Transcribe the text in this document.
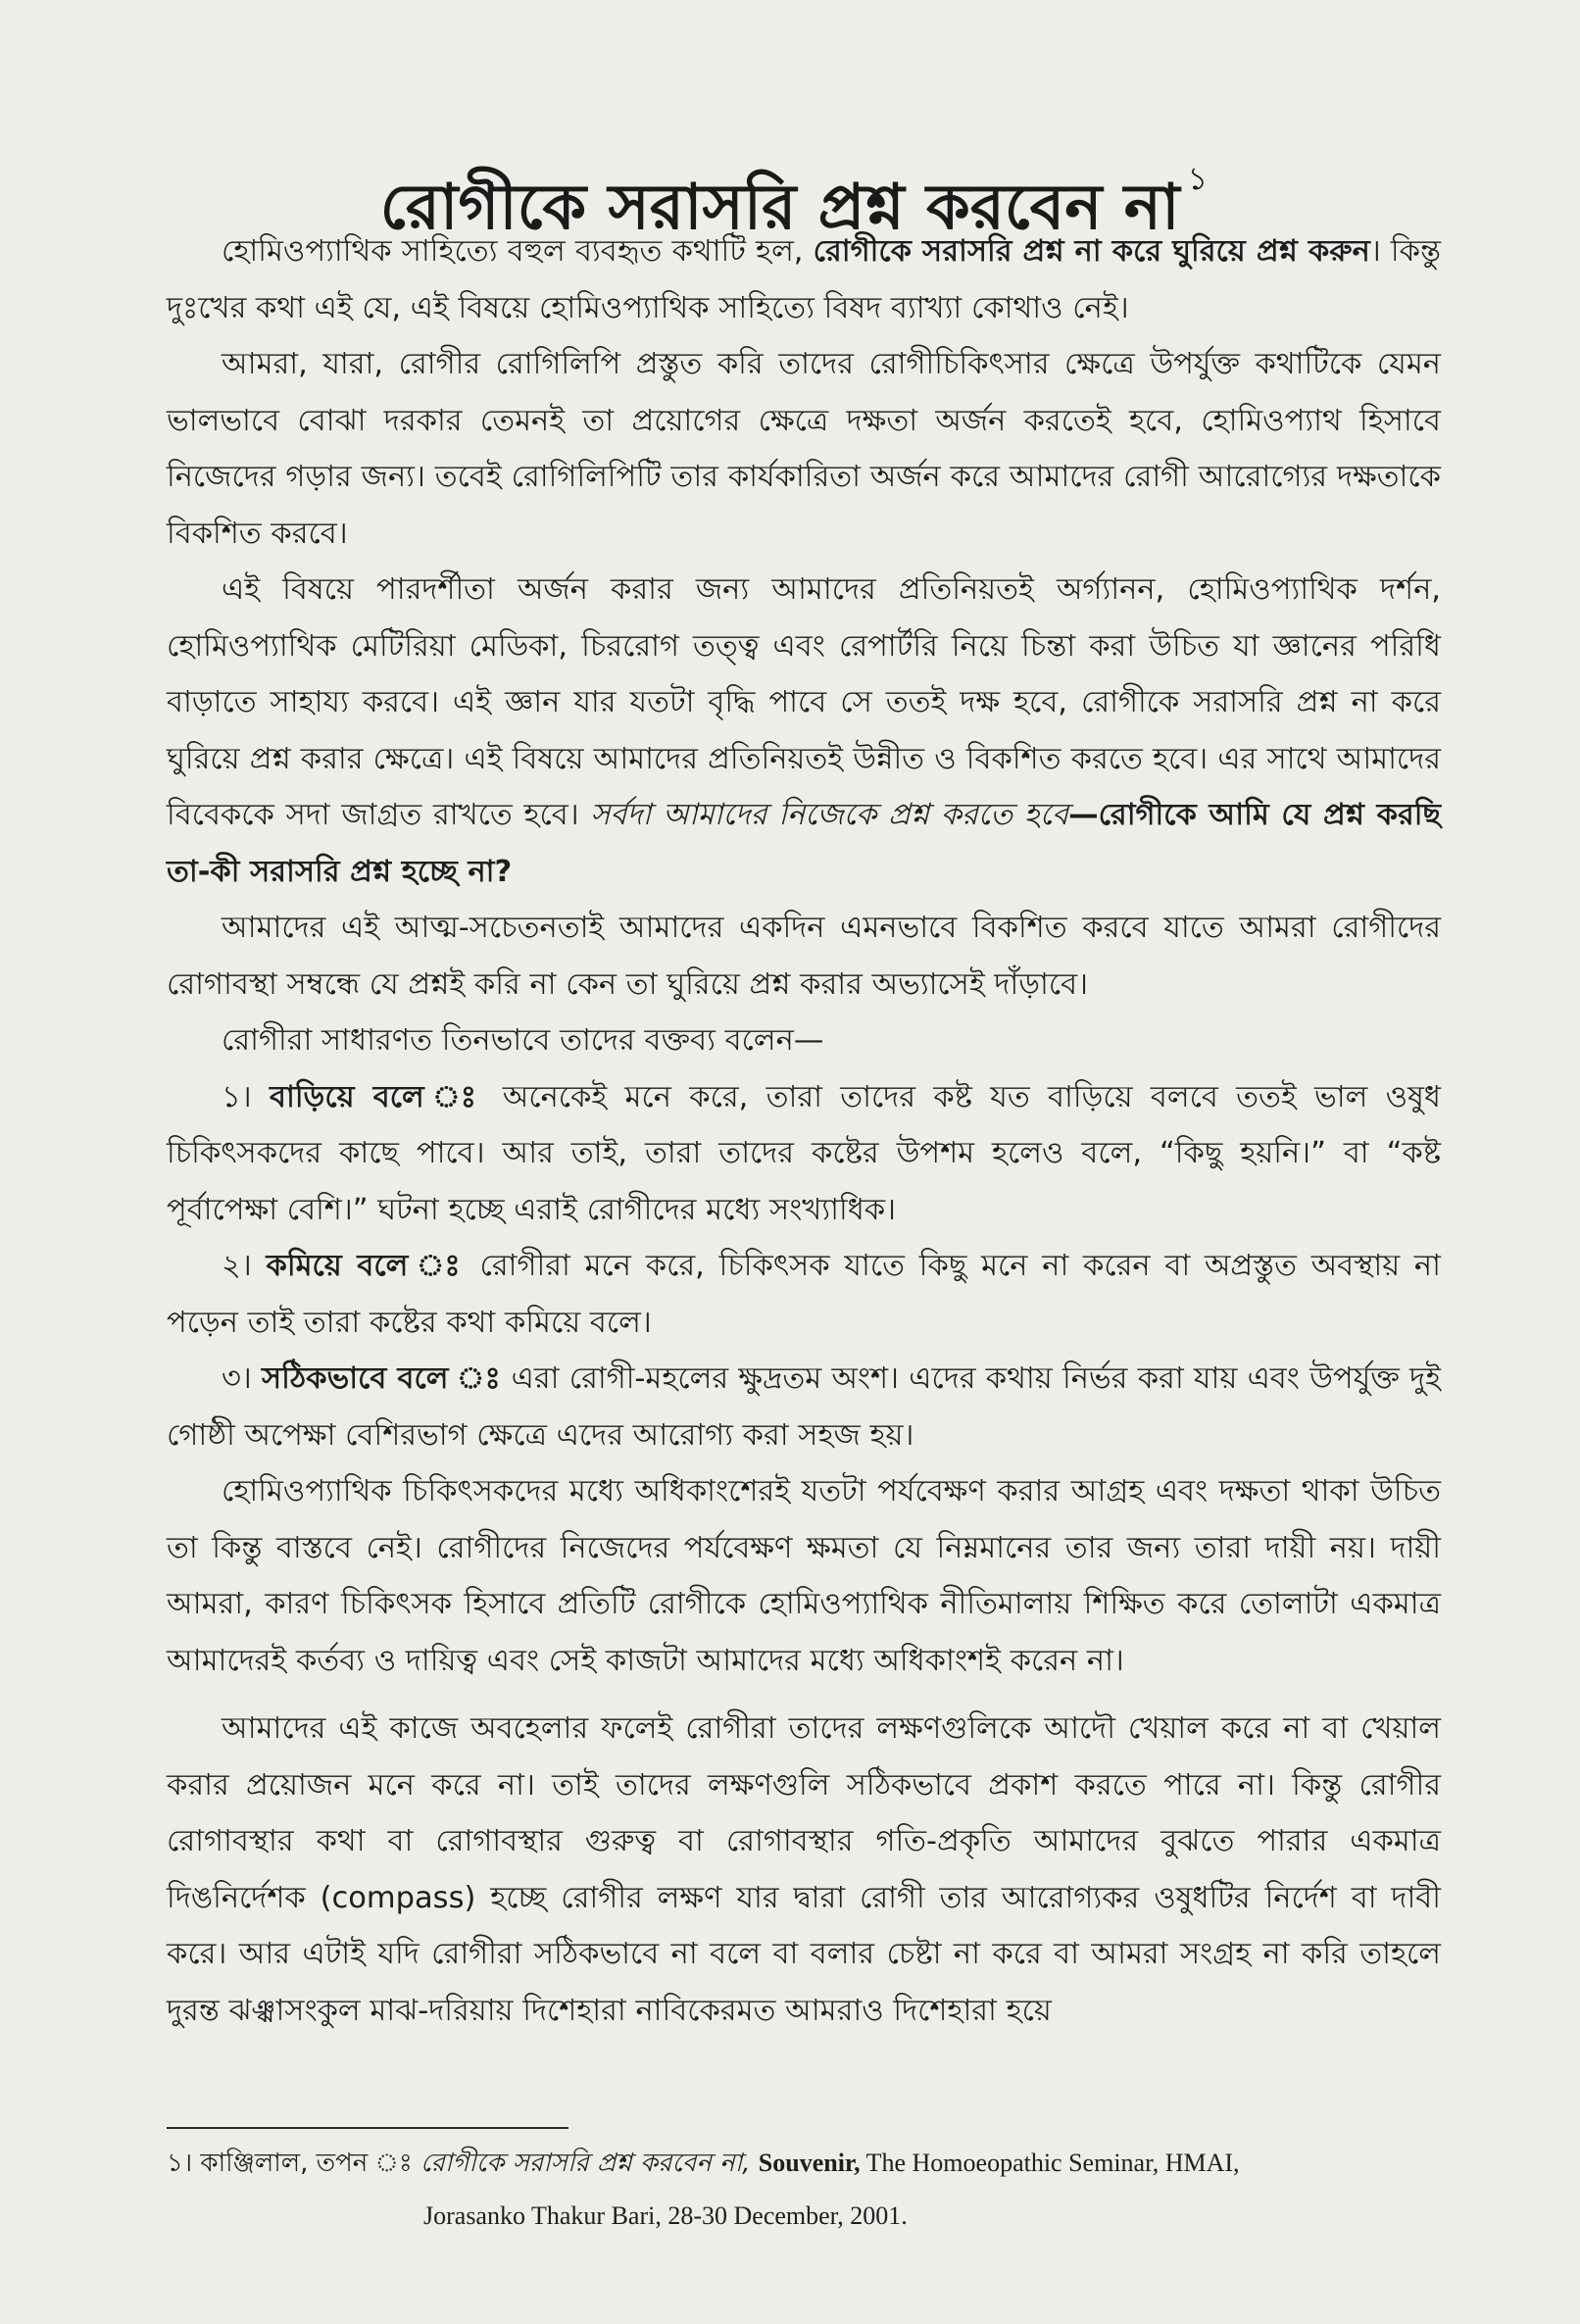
রোগীকে সরাসরি প্রশ্ন করবেন না $^১$

হোমিওপ্যাথিক সাহিত্যে বহুল ব্যবহৃত কথাটি হল, রোগীকে সরাসরি প্রশ্ন না করে ঘুরিয়ে প্রশ্ন করুন। কিন্তু দুঃখের কথা এই যে, এই বিষয়ে হোমিওপ্যাথিক সাহিত্যে বিষদ ব্যাখ্যা কোথাও নেই।

আমরা, যারা, রোগীর রোগিলিপি প্রস্তুত করি তাদের রোগীচিকিৎসার ক্ষেত্রে উপর্যুক্ত কথাটিকে যেমন ভালভাবে বোঝা দরকার তেমনই তা প্রয়োগের ক্ষেত্রে দক্ষতা অর্জন করতেই হবে, হোমিওপ্যাথ হিসাবে নিজেদের গড়ার জন্য। তবেই রোগিলিপিটি তার কার্যকারিতা অর্জন করে আমাদের রোগী আরোগ্যের দক্ষতাকে বিকশিত করবে।

এই বিষয়ে পারদর্শীতা অর্জন করার জন্য আমাদের প্রতিনিয়তই অর্গ্যানন, হোমিওপ্যাথিক দর্শন, হোমিওপ্যাথিক মেটিরিয়া মেডিকা, চিররোগ তত্ত্ব এবং রেপার্টরি নিয়ে চিন্তা করা উচিত যা জ্ঞানের পরিধি বাড়াতে সাহায্য করবে। এই জ্ঞান যার যতটা বৃদ্ধি পাবে সে ততই দক্ষ হবে, রোগীকে সরাসরি প্রশ্ন না করে ঘুরিয়ে প্রশ্ন করার ক্ষেত্রে। এই বিষয়ে আমাদের প্রতিনিয়তই উন্নীত ও বিকশিত করতে হবে। এর সাথে আমাদের বিবেককে সদা জাগ্রত রাখতে হবে। সর্বদা আমাদের নিজেকে প্রশ্ন করতে হবে—রোগীকে আমি যে প্রশ্ন করছি তা-কী সরাসরি প্রশ্ন হচ্ছে না?

আমাদের এই আত্ম-সচেতনতাই আমাদের একদিন এমনভাবে বিকশিত করবে যাতে আমরা রোগীদের রোগাবস্থা সম্বন্ধে যে প্রশ্নই করি না কেন তা ঘুরিয়ে প্রশ্ন করার অভ্যাসেই দাঁড়াবে।

রোগীরা সাধারণত তিনভাবে তাদের বক্তব্য বলেন—

১। বাড়িয়ে বলে ঃ অনেকেই মনে করে, তারা তাদের কষ্ট যত বাড়িয়ে বলবে ততই ভাল ওষুধ চিকিৎসকদের কাছে পাবে। আর তাই, তারা তাদের কষ্টের উপশম হলেও বলে, “কিছু হয়নি।” বা “কষ্ট পূর্বাপেক্ষা বেশি।” ঘটনা হচ্ছে এরাই রোগীদের মধ্যে সংখ্যাধিক।

২। কমিয়ে বলে ঃ রোগীরা মনে করে, চিকিৎসক যাতে কিছু মনে না করেন বা অপ্রস্তুত অবস্থায় না পড়েন তাই তারা কষ্টের কথা কমিয়ে বলে।

৩। সঠিকভাবে বলে ঃ এরা রোগী-মহলের ক্ষুদ্রতম অংশ। এদের কথায় নির্ভর করা যায় এবং উপর্যুক্ত দুই গোষ্ঠী অপেক্ষা বেশিরভাগ ক্ষেত্রে এদের আরোগ্য করা সহজ হয়।

হোমিওপ্যাথিক চিকিৎসকদের মধ্যে অধিকাংশেরই যতটা পর্যবেক্ষণ করার আগ্রহ এবং দক্ষতা থাকা উচিত তা কিন্তু বাস্তবে নেই। রোগীদের নিজেদের পর্যবেক্ষণ ক্ষমতা যে নিম্নমানের তার জন্য তারা দায়ী নয়। দায়ী আমরা, কারণ চিকিৎসক হিসাবে প্রতিটি রোগীকে হোমিওপ্যাথিক নীতিমালায় শিক্ষিত করে তোলাটা একমাত্র আমাদেরই কর্তব্য ও দায়িত্ব এবং সেই কাজটা আমাদের মধ্যে অধিকাংশই করেন না।

আমাদের এই কাজে অবহেলার ফলেই রোগীরা তাদের লক্ষণগুলিকে আদৌ খেয়াল করে না বা খেয়াল করার প্রয়োজন মনে করে না। তাই তাদের লক্ষণগুলি সঠিকভাবে প্রকাশ করতে পারে না। কিন্তু রোগীর রোগাবস্থার কথা বা রোগাবস্থার গুরুত্ব বা রোগাবস্থার গতি-প্রকৃতি আমাদের বুঝতে পারার একমাত্র দিঙনির্দেশক (compass) হচ্ছে রোগীর লক্ষণ যার দ্বারা রোগী তার আরোগ্যকর ওষুধটির নির্দেশ বা দাবী করে। আর এটাই যদি রোগীরা সঠিকভাবে না বলে বা বলার চেষ্টা না করে বা আমরা সংগ্রহ না করি তাহলে দুরন্ত ঝঞ্ঝাসংকুল মাঝ-দরিয়ায় দিশেহারা নাবিকেরমত আমরাও দিশেহারা হয়ে

১। কাঞ্জিলাল, তপন ঃ রোগীকে সরাসরি প্রশ্ন করবেন না, Souvenir, The Homoeopathic Seminar, HMAI,
Jorasanko Thakur Bari, 28-30 December, 2001.
